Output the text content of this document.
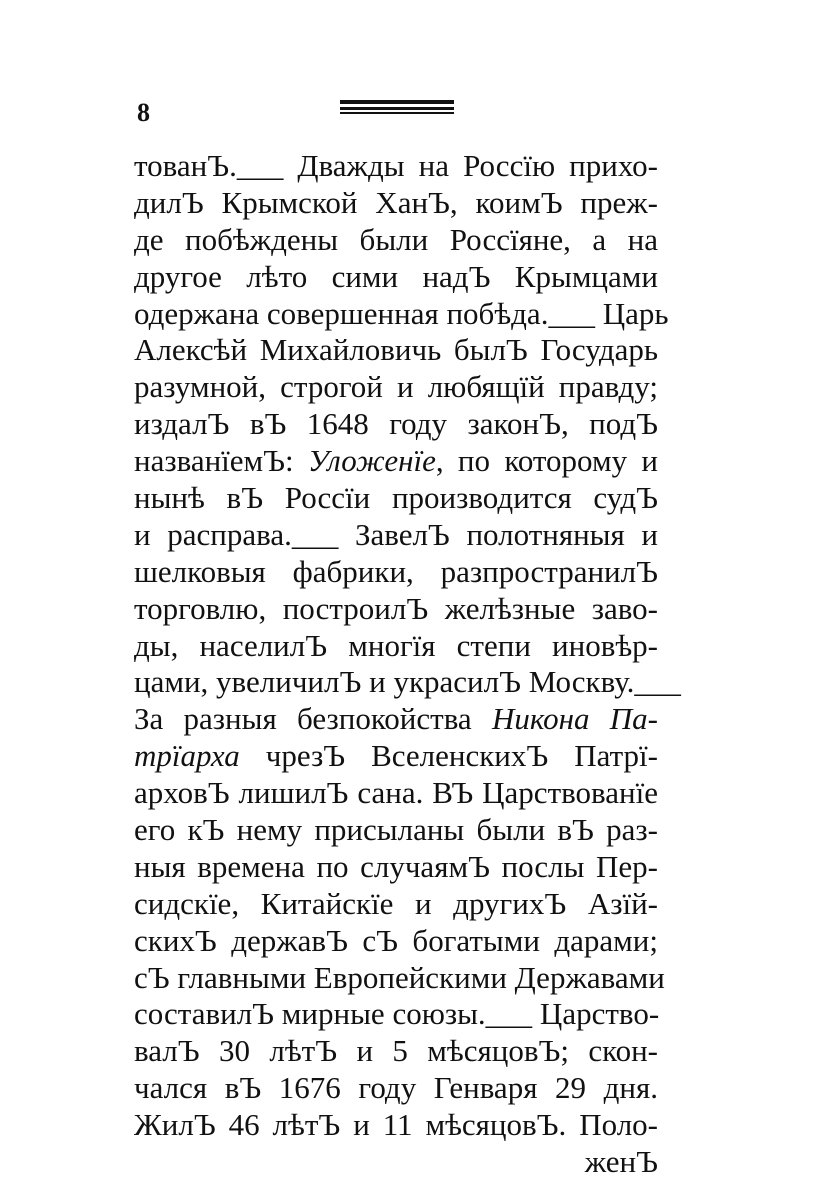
8
тованЪ.___ Дважды на Россїю прихо-
дилЪ Крымской ХанЪ, коимЪ преж-
де побѣждены были Россїяне, а на
другое лѣто сими надЪ Крымцами
одержана совершенная побѣда.___ Царь
Алексѣй Михайловичь былЪ Государь
разумной, строгой и любящїй правду;
издалЪ вЪ 1648 году законЪ, подЪ
названїемЪ: Уложенїе, по которому и
нынѣ вЪ Россїи производится судЪ
и расправа.___ ЗавелЪ полотняныя и
шелковыя фабрики, разпространилЪ
торговлю, построилЪ желѣзные заво-
ды, населилЪ многїя степи иновѣр-
цами, увеличилЪ и украсилЪ Москву.___
За разныя безпокойства Никона Па-
трїарха чрезЪ ВселенскихЪ Патрї-
арховЪ лишилЪ сана. ВЪ Царствованїе
его кЪ нему присыланы были вЪ раз-
ныя времена по случаямЪ послы Пер-
сидскїе, Китайскїе и другихЪ Азїй-
скихЪ державЪ сЪ богатыми дарами;
сЪ главными Европейскими Державами
составилЪ мирные союзы.___ Царство-
валЪ 30 лѣтЪ и 5 мѣсяцовЪ; скон-
чался вЪ 1676 году Генваря 29 дня.
ЖилЪ 46 лѣтЪ и 11 мѣсяцовЪ. Поло-
женЪ
